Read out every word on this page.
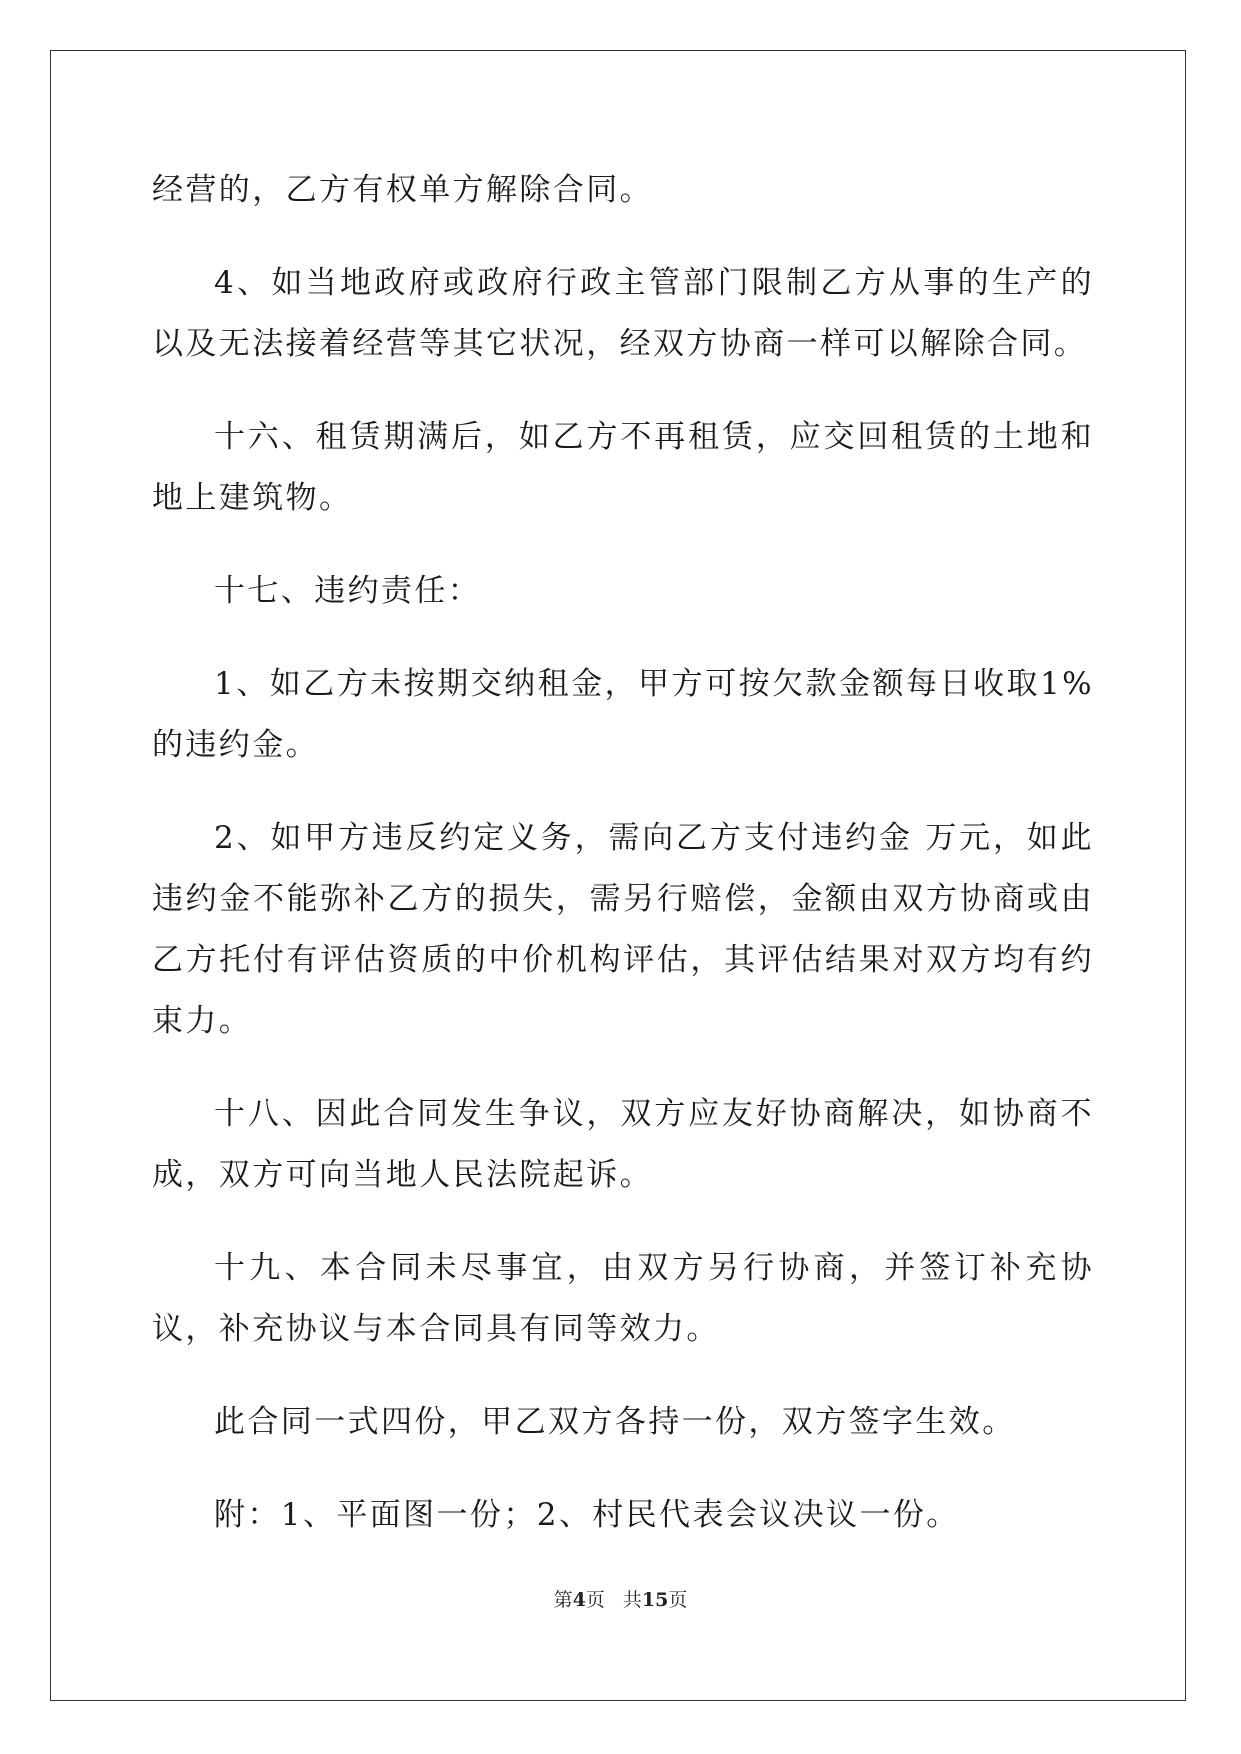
经营的，乙方有权单方解除合同。

4、如当地政府或政府行政主管部门限制乙方从事的生产的以及无法接着经营等其它状况，经双方协商一样可以解除合同。

十六、租赁期满后，如乙方不再租赁，应交回租赁的土地和地上建筑物。

十七、违约责任：

1、如乙方未按期交纳租金，甲方可按欠款金额每日收取1%的违约金。

2、如甲方违反约定义务，需向乙方支付违约金 万元，如此违约金不能弥补乙方的损失，需另行赔偿，金额由双方协商或由乙方托付有评估资质的中价机构评估，其评估结果对双方均有约束力。

十八、因此合同发生争议，双方应友好协商解决，如协商不成，双方可向当地人民法院起诉。

十九、本合同未尽事宜，由双方另行协商，并签订补充协议，补充协议与本合同具有同等效力。

此合同一式四份，甲乙双方各持一份，双方签字生效。

附：1、平面图一份；2、村民代表会议决议一份。

第4页 共15页
